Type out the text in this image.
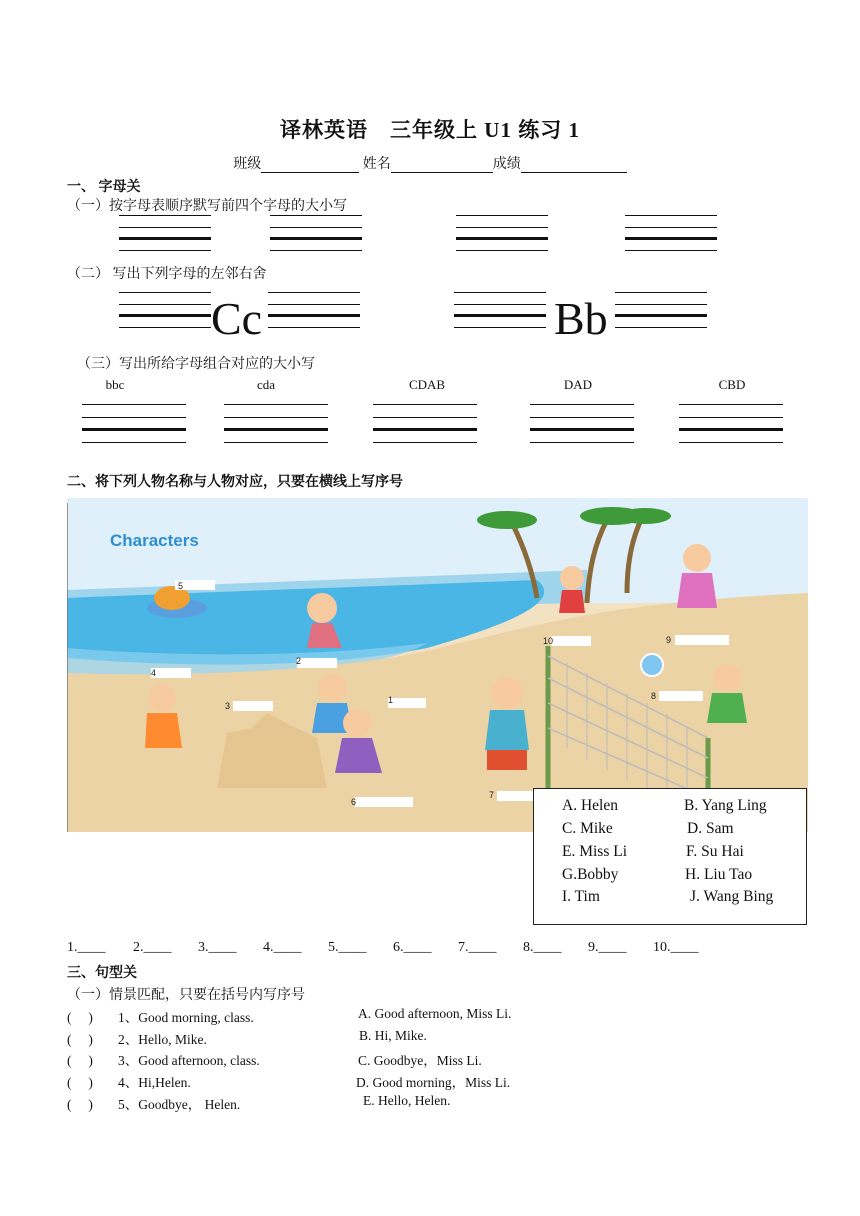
译林英语　三年级上 U1 练习 1
班级	姓名	成绩
一、 字母关
（一）按字母表顺序默写前四个字母的大小写
（二） 写出下列字母的左邻右舍
Cc	Bb
（三）写出所给字母组合对应的大小写
bbc	cda	CDAB	DAD	CBD
二、将下列人物名称与人物对应，只要在横线上写序号
Characters
5
4
2
3
1
6
10	9
8
7
A. Helen	B. Yang Ling
C. Mike	D. Sam
E. Miss Li	F. Su Hai
G.Bobby	H. Liu Tao
I. Tim	J. Wang Bing
1.____ 2.____ 3.____ 4.____ 5.____ 6.____ 7.____ 8.____ 9.____ 10.____
三、句型关
（一）情景匹配，只要在括号内写序号
(　 ) 1、Good morning, class.	A. Good afternoon, Miss Li.
(　 ) 2、Hello, Mike.	B. Hi, Mike.
(　 ) 3、Good afternoon, class.	C. Goodbye，Miss Li.
(　 ) 4、Hi,Helen.	D. Good morning，Miss Li.
(　 ) 5、Goodbye， Helen.	E. Hello, Helen.
